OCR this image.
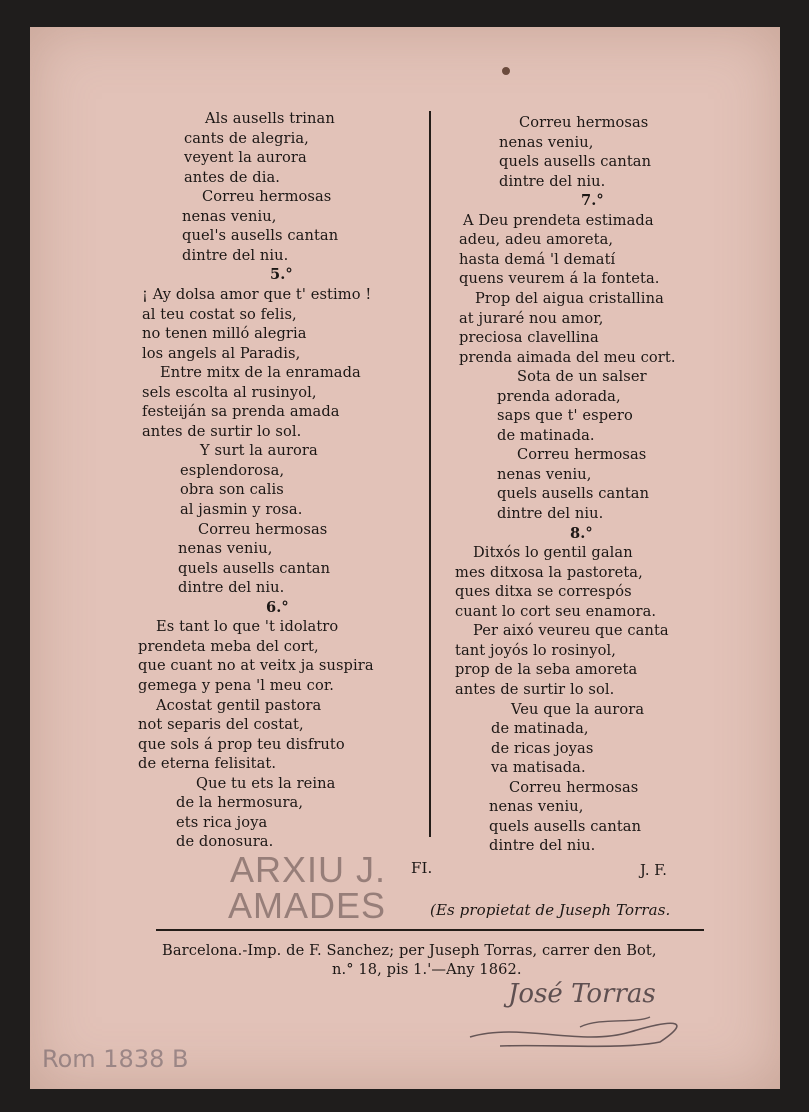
Als ausells trinan
cants de alegria,
veyent la aurora
antes de dia.
Correu hermosas
nenas veniu,
quel's ausells cantan
dintre del niu.
5.°
¡ Ay dolsa amor que t' estimo !
al teu costat so felis,
no tenen milló alegria
los angels al Paradis,
Entre mitx de la enramada
sels escolta al rusinyol,
festeiján sa prenda amada
antes de surtir lo sol.
Y surt la aurora
esplendorosa,
obra son calis
al jasmin y rosa.
Correu hermosas
nenas veniu,
quels ausells cantan
dintre del niu.
6.°
Es tant lo que 't idolatro
prendeta meba del cort,
que cuant no at veitx ja suspira
gemega y pena 'l meu cor.
Acostat gentil pastora
not separis del costat,
que sols á prop teu disfruto
de eterna felisitat.
Que tu ets la reina
de la hermosura,
ets rica joya
de donosura.
Correu hermosas
nenas veniu,
quels ausells cantan
dintre del niu.
7.°
A Deu prendeta estimada
adeu, adeu amoreta,
hasta demá 'l dematí
quens veurem á la fonteta.
Prop del aigua cristallina
at juraré nou amor,
preciosa clavellina
prenda aimada del meu cort.
Sota de un salser
prenda adorada,
saps que t' espero
de matinada.
Correu hermosas
nenas veniu,
quels ausells cantan
dintre del niu.
8.°
Ditxós lo gentil galan
mes ditxosa la pastoreta,
ques ditxa se correspós
cuant lo cort seu enamora.
Per aixó veureu que canta
tant joyós lo rosinyol,
prop de la seba amoreta
antes de surtir lo sol.
Veu que la aurora
de matinada,
de ricas joyas
va matisada.
Correu hermosas
nenas veniu,
quels ausells cantan
dintre del niu.
FI.	J. F.
(Es propietat de Juseph Torras.
Barcelona.-Imp. de F. Sanchez; per Juseph Torras, carrer den Bot,
n.° 18, pis 1.'—Any 1862.
ARXIU J.
AMADES
José Torras
Rom 1838 B
